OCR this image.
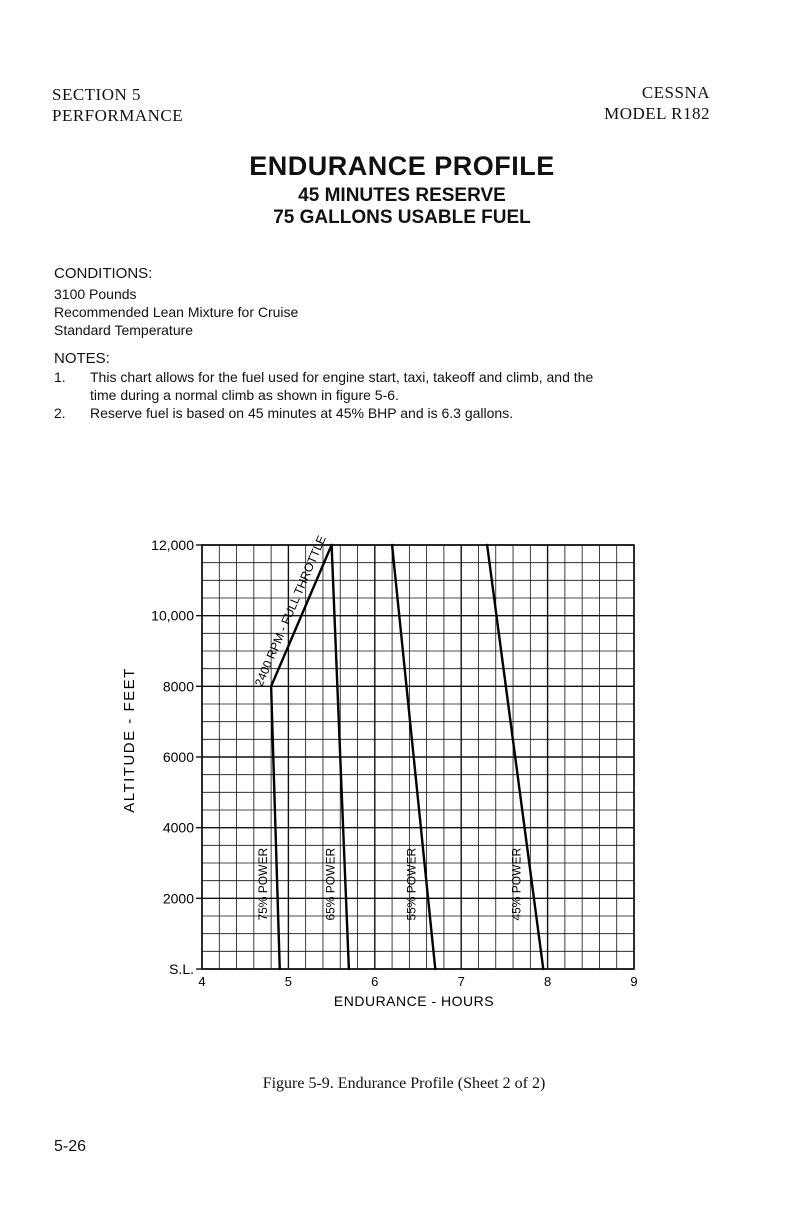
SECTION 5
PERFORMANCE
CESSNA
MODEL R182
ENDURANCE PROFILE
45 MINUTES RESERVE
75 GALLONS USABLE FUEL
CONDITIONS:
3100 Pounds
Recommended Lean Mixture for Cruise
Standard Temperature
NOTES:
1. This chart allows for the fuel used for engine start, taxi, takeoff and climb, and the
time during a normal climb as shown in figure 5-6.
2. Reserve fuel is based on 45 minutes at 45% BHP and is 6.3 gallons.
4	5	6	7	8	9
S.L.
2000
4000
6000
8000
10,000
12,000	2400 RPM - FULL THROTTLE
75% POWER	65% POWER	55% POWER	45% POWER
ENDURANCE - HOURS
ALTITUDE - FEET
Figure 5-9. Endurance Profile (Sheet 2 of 2)
5-26
